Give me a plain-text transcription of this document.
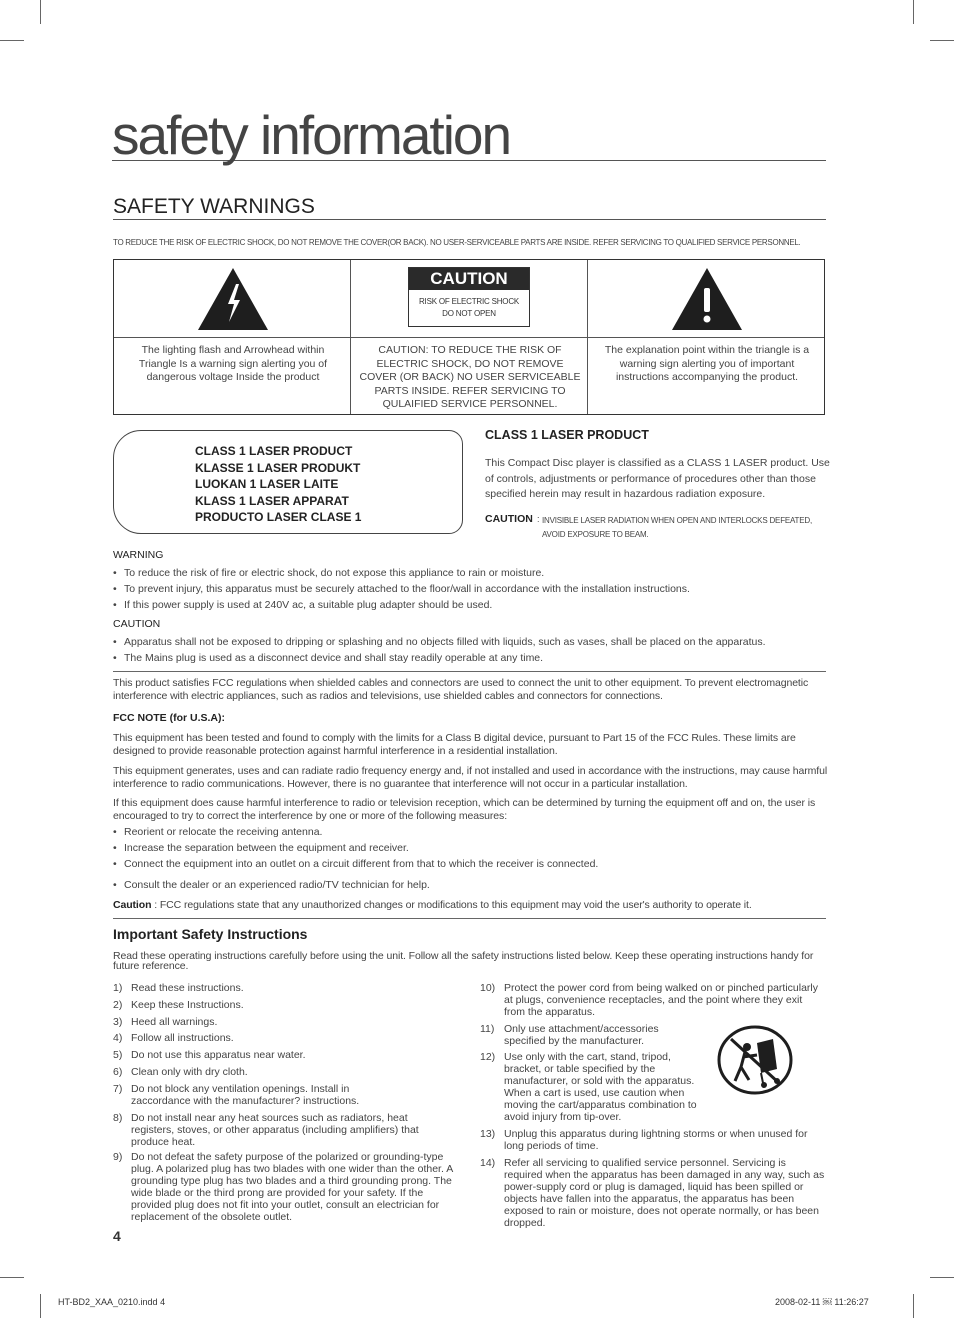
safety information
SAFETY WARNINGS
TO REDUCE THE RISK OF ELECTRIC SHOCK, DO NOT REMOVE THE COVER(OR BACK). NO USER-SERVICEABLE PARTS ARE INSIDE. REFER SERVICING TO QUALIFIED SERVICE PERSONNEL.
CAUTION
RISK OF ELECTRIC SHOCK
DO NOT OPEN
The lighting flash and Arrowhead within Triangle Is a warning sign alerting you of dangerous voltage Inside the product
CAUTION: TO REDUCE THE RISK OF ELECTRIC SHOCK, DO NOT REMOVE COVER (OR BACK) NO USER SERVICEABLE PARTS INSIDE. REFER SERVICING TO QULAIFIED SERVICE PERSONNEL.
The explanation point within the triangle is a warning sign alerting you of important instructions accompanying the product.
CLASS 1 LASER PRODUCT
KLASSE 1 LASER PRODUKT
LUOKAN 1 LASER LAITE
KLASS 1 LASER APPARAT
PRODUCTO LASER CLASE 1
CLASS 1 LASER PRODUCT
This Compact Disc player is classified as a CLASS 1 LASER product. Use of controls, adjustments or performance of procedures other than those specified herein may result in hazardous radiation exposure.
CAUTION : INVISIBLE LASER RADIATION WHEN OPEN AND INTERLOCKS DEFEATED,
AVOID EXPOSURE TO BEAM.
WARNING
• To reduce the risk of fire or electric shock, do not expose this appliance to rain or moisture.
• To prevent injury, this apparatus must be securely attached to the floor/wall in accordance with the installation instructions.
• If this power supply is used at 240V ac, a suitable plug adapter should be used.
CAUTION
• Apparatus shall not be exposed to dripping or splashing and no objects filled with liquids, such as vases, shall be placed on the apparatus.
• The Mains plug is used as a disconnect device and shall stay readily operable at any time.
This product satisfies FCC regulations when shielded cables and connectors are used to connect the unit to other equipment. To prevent electromagnetic interference with electric appliances, such as radios and televisions, use shielded cables and connectors for connections.
FCC NOTE (for U.S.A):
This equipment has been tested and found to comply with the limits for a Class B digital device, pursuant to Part 15 of the FCC Rules. These limits are designed to provide reasonable protection against harmful interference in a residential installation.
This equipment generates, uses and can radiate radio frequency energy and, if not installed and used in accordance with the instructions, may cause harmful interference to radio communications. However, there is no guarantee that interference will not occur in a particular installation.
If this equipment does cause harmful interference to radio or television reception, which can be determined by turning the equipment off and on, the user is encouraged to try to correct the interference by one or more of the following measures:
• Reorient or relocate the receiving antenna.
• Increase the separation between the equipment and receiver.
• Connect the equipment into an outlet on a circuit different from that to which the receiver is connected.
• Consult the dealer or an experienced radio/TV technician for help.
Caution : FCC regulations state that any unauthorized changes or modifications to this equipment may void the user's authority to operate it.
Important Safety Instructions
Read these operating instructions carefully before using the unit. Follow all the safety instructions listed below. Keep these operating instructions handy for future reference.
1) Read these instructions.
2) Keep these Instructions.
3) Heed all warnings.
4) Follow all instructions.
5) Do not use this apparatus near water.
6) Clean only with dry cloth.
7) Do not block any ventilation openings. Install in zaccordance with the manufacturer? instructions.
8) Do not install near any heat sources such as radiators, heat registers, stoves, or other apparatus (including amplifiers) that produce heat.
9) Do not defeat the safety purpose of the polarized or grounding-type plug. A polarized plug has two blades with one wider than the other. A grounding type plug has two blades and a third grounding prong. The wide blade or the third prong are provided for your safety. If the provided plug does not fit into your outlet, consult an electrician for replacement of the obsolete outlet.
10) Protect the power cord from being walked on or pinched particularly at plugs, convenience receptacles, and the point where they exit from the apparatus.
11) Only use attachment/accessories specified by the manufacturer.
12) Use only with the cart, stand, tripod, bracket, or table specified by the manufacturer, or sold with the apparatus. When a cart is used, use caution when moving the cart/apparatus combination to avoid injury from tip-over.
13) Unplug this apparatus during lightning storms or when unused for long periods of time.
14) Refer all servicing to qualified service personnel. Servicing is required when the apparatus has been damaged in any way, such as power-supply cord or plug is damaged, liquid has been spilled or objects have fallen into the apparatus, the apparatus has been exposed to rain or moisture, does not operate normally, or has been dropped.
4
HT-BD2_XAA_0210.indd 4	2008-02-11 ￼ 11:26:27
